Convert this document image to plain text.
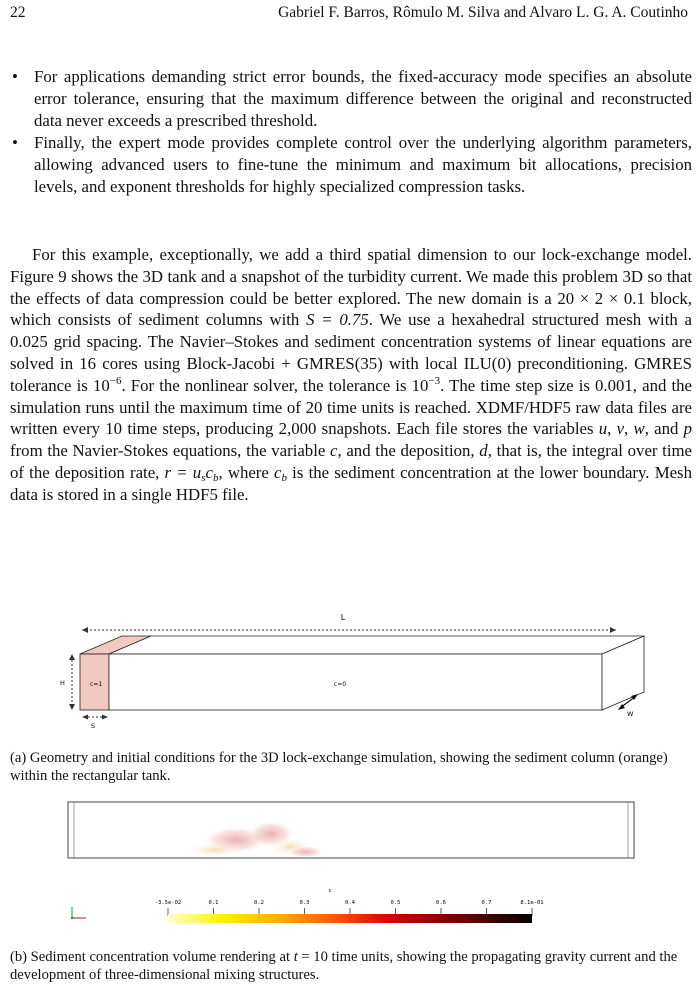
22	Gabriel F. Barros, Rômulo M. Silva and Alvaro L. G. A. Coutinho
• For applications demanding strict error bounds, the fixed-accuracy mode specifies an absolute error tolerance, ensuring that the maximum difference between the original and reconstructed data never exceeds a prescribed threshold.
• Finally, the expert mode provides complete control over the underlying algorithm parameters, allowing advanced users to fine-tune the minimum and maximum bit allocations, precision levels, and exponent thresholds for highly specialized compression tasks.

For this example, exceptionally, we add a third spatial dimension to our lock-exchange model. Figure 9 shows the 3D tank and a snapshot of the turbidity current. We made this problem 3D so that the effects of data compression could be better explored. The new domain is a 20 × 2 × 0.1 block, which consists of sediment columns with S = 0.75. We use a hexahedral structured mesh with a 0.025 grid spacing. The Navier–Stokes and sediment concentration systems of linear equations are solved in 16 cores using Block-Jacobi + GMRES(35) with local ILU(0) preconditioning. GMRES tolerance is $10^{-6}$. For the nonlinear solver, the tolerance is $10^{-3}$. The time step size is 0.001, and the simulation runs until the maximum time of 20 time units is reached. XDMF/HDF5 raw data files are written every 10 time steps, producing 2,000 snapshots. Each file stores the variables u, v, w, and p from the Navier-Stokes equations, the variable c, and the deposition, d, that is, the integral over time of the deposition rate, $r = u_sc_b$, where $c_b$ is the sediment concentration at the lower boundary. Mesh data is stored in a single HDF5 file.

L
c=1	c=0
H
S
W
(a) Geometry and initial conditions for the 3D lock-exchange simulation, showing the sediment column (orange) within the rectangular tank.
c
-3.5e-02	0.1	0.2	0.3	0.4	0.5	0.6	0.7	8.1e-01
(b) Sediment concentration volume rendering at t = 10 time units, showing the propagating gravity current and the development of three-dimensional mixing structures.
